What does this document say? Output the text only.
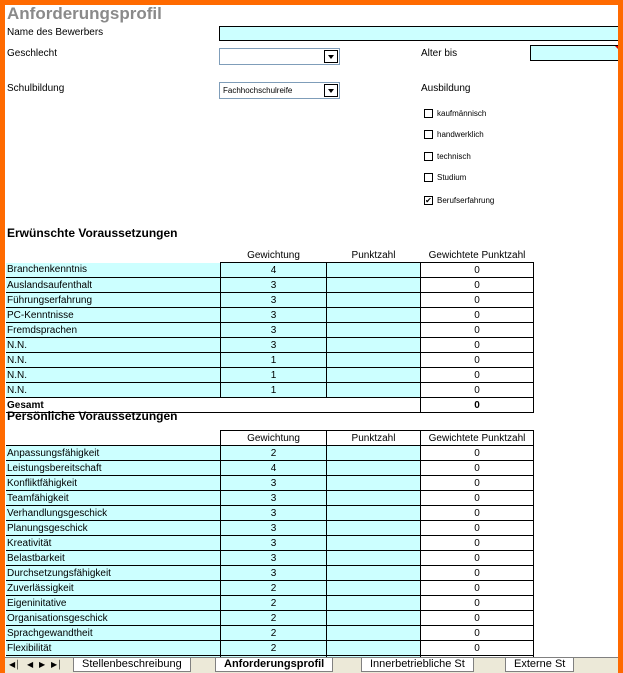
Anforderungsprofil
Name des Bewerbers
Geschlecht	Alter bis
Schulbildung	Fachhochschulreife	Ausbildung
kaufmännisch
handwerklich
technisch
Studium
✔ Berufserfahrung
Erwünschte Voraussetzungen
	Gewichtung	Punktzahl	Gewichtete Punktzahl
Branchenkenntnis	4		0
Auslandsaufenthalt	3		0
Führungserfahrung	3		0
PC-Kenntnisse	3		0
Fremdsprachen	3		0
N.N.	3		0
N.N.	1		0
N.N.	1		0
N.N.	1		0
Gesamt			0
Persönliche Voraussetzungen
	Gewichtung	Punktzahl	Gewichtete Punktzahl
Anpassungsfähigkeit	2		0
Leistungsbereitschaft	4		0
Konfliktfähigkeit	3		0
Teamfähigkeit	3		0
Verhandlungsgeschick	3		0
Planungsgeschick	3		0
Kreativität	3		0
Belastbarkeit	3		0
Durchsetzungsfähigkeit	3		0
Zuverlässigkeit	2		0
Eigeninitative	2		0
Organisationsgeschick	2		0
Sprachgewandtheit	2		0
Flexibilität	2		0

◀│ ◀ ▶ ▶│	Stellenbeschreibung	Anforderungsprofil	Innerbetriebliche St	Externe St
